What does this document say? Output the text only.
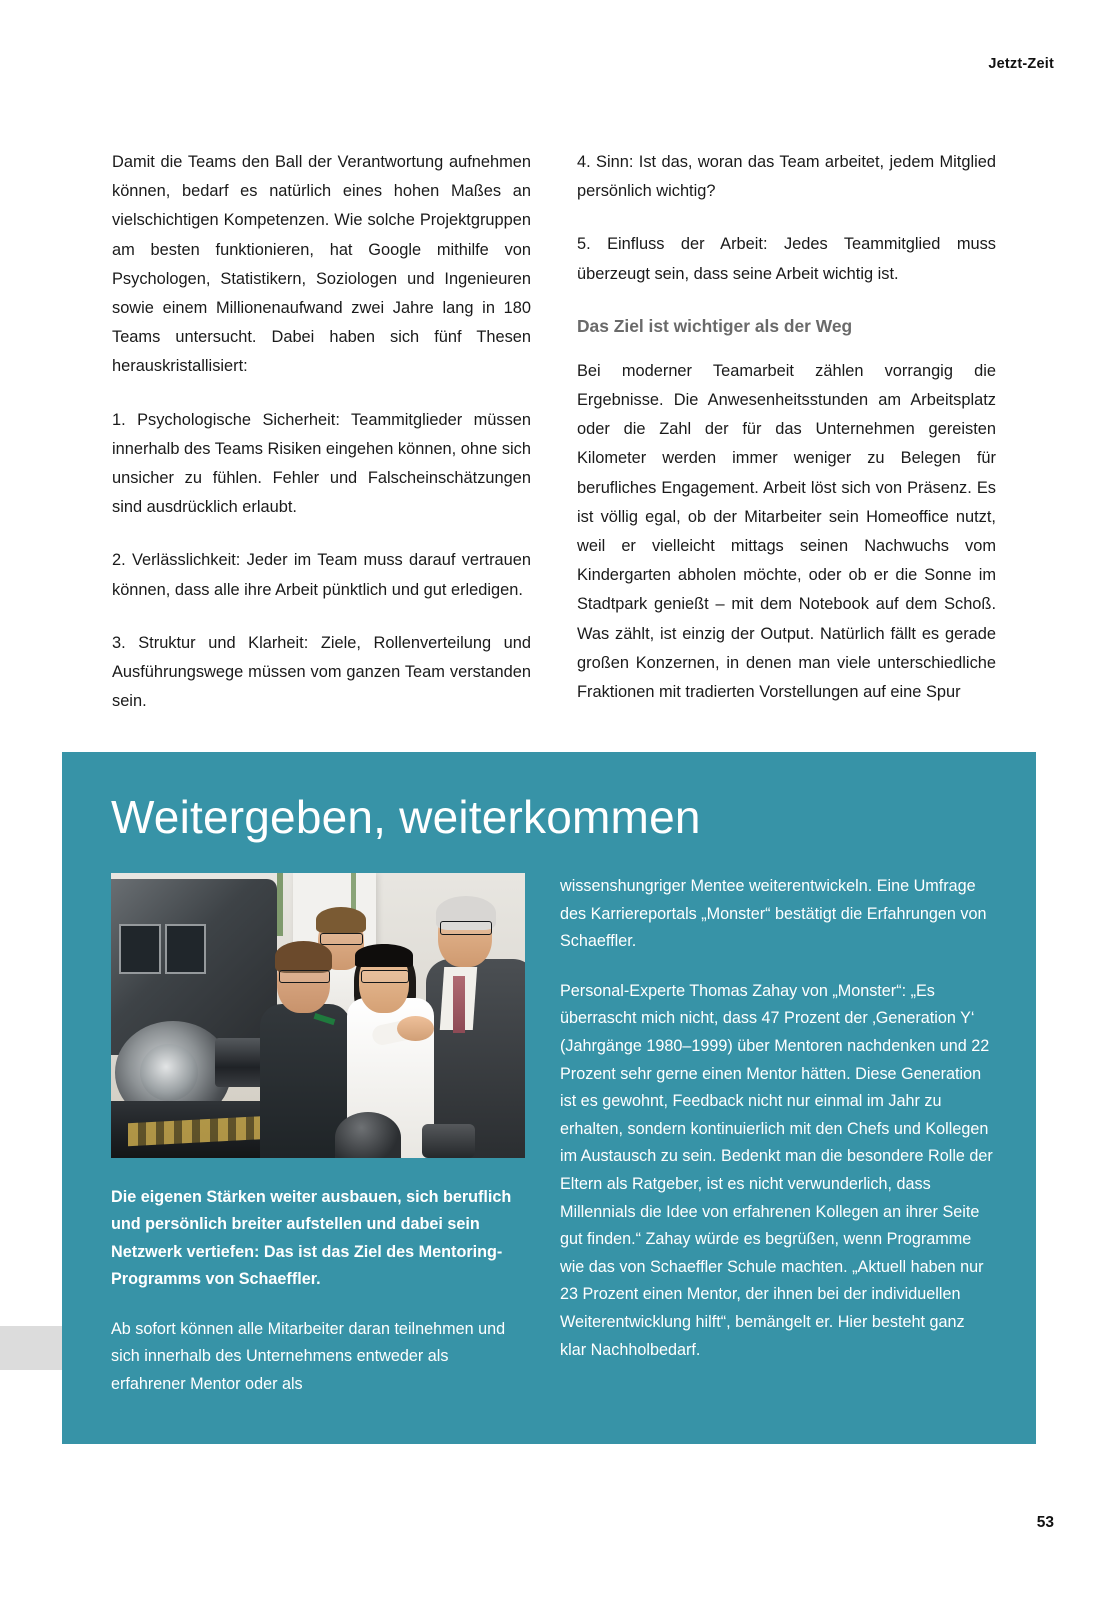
Jetzt-Zeit

Damit die Teams den Ball der Verantwortung aufnehmen können, bedarf es natürlich eines hohen Maßes an vielschichtigen Kompetenzen. Wie solche Projektgruppen am besten funktionieren, hat Google mithilfe von Psychologen, Statistikern, Soziologen und Ingenieuren sowie einem Millionenaufwand zwei Jahre lang in 180 Teams untersucht. Dabei haben sich fünf Thesen herauskristallisiert:

1. Psychologische Sicherheit: Teammitglieder müssen innerhalb des Teams Risiken eingehen können, ohne sich unsicher zu fühlen. Fehler und Falscheinschätzungen sind ausdrücklich erlaubt.

2. Verlässlichkeit: Jeder im Team muss darauf vertrauen können, dass alle ihre Arbeit pünktlich und gut erledigen.

3. Struktur und Klarheit: Ziele, Rollenverteilung und Ausführungswege müssen vom ganzen Team verstanden sein.

4. Sinn: Ist das, woran das Team arbeitet, jedem Mitglied persönlich wichtig?

5. Einfluss der Arbeit: Jedes Teammitglied muss überzeugt sein, dass seine Arbeit wichtig ist.

Das Ziel ist wichtiger als der Weg

Bei moderner Teamarbeit zählen vorrangig die Ergebnisse. Die Anwesenheitsstunden am Arbeitsplatz oder die Zahl der für das Unternehmen gereisten Kilometer werden immer weniger zu Belegen für berufliches Engagement. Arbeit löst sich von Präsenz. Es ist völlig egal, ob der Mitarbeiter sein Homeoffice nutzt, weil er vielleicht mittags seinen Nachwuchs vom Kindergarten abholen möchte, oder ob er die Sonne im Stadtpark genießt – mit dem Notebook auf dem Schoß. Was zählt, ist einzig der Output. Natürlich fällt es gerade großen Konzernen, in denen man viele unterschiedliche Fraktionen mit tradierten Vorstellungen auf eine Spur

Weitergeben, weiterkommen

Die eigenen Stärken weiter ausbauen, sich beruflich und persönlich breiter aufstellen und dabei sein Netzwerk vertiefen: Das ist das Ziel des Mentoring-Programms von Schaeffler.

Ab sofort können alle Mitarbeiter daran teilnehmen und sich innerhalb des Unternehmens entweder als erfahrener Mentor oder als

wissenshungriger Mentee weiterentwickeln. Eine Umfrage des Karriereportals „Monster“ bestätigt die Erfahrungen von Schaeffler.

Personal-Experte Thomas Zahay von „Monster“: „Es überrascht mich nicht, dass 47 Prozent der ‚Generation Y‘ (Jahrgänge 1980–1999) über Mentoren nachdenken und 22 Prozent sehr gerne einen Mentor hätten. Diese Generation ist es gewohnt, Feedback nicht nur einmal im Jahr zu erhalten, sondern kontinuierlich mit den Chefs und Kollegen im Austausch zu sein. Bedenkt man die besondere Rolle der Eltern als Ratgeber, ist es nicht verwunderlich, dass Millennials die Idee von erfahrenen Kollegen an ihrer Seite gut finden.“ Zahay würde es begrüßen, wenn Programme wie das von Schaeffler Schule machten. „Aktuell haben nur 23 Prozent einen Mentor, der ihnen bei der individuellen Weiterentwicklung hilft“, bemängelt er. Hier besteht ganz klar Nachholbedarf.

53
